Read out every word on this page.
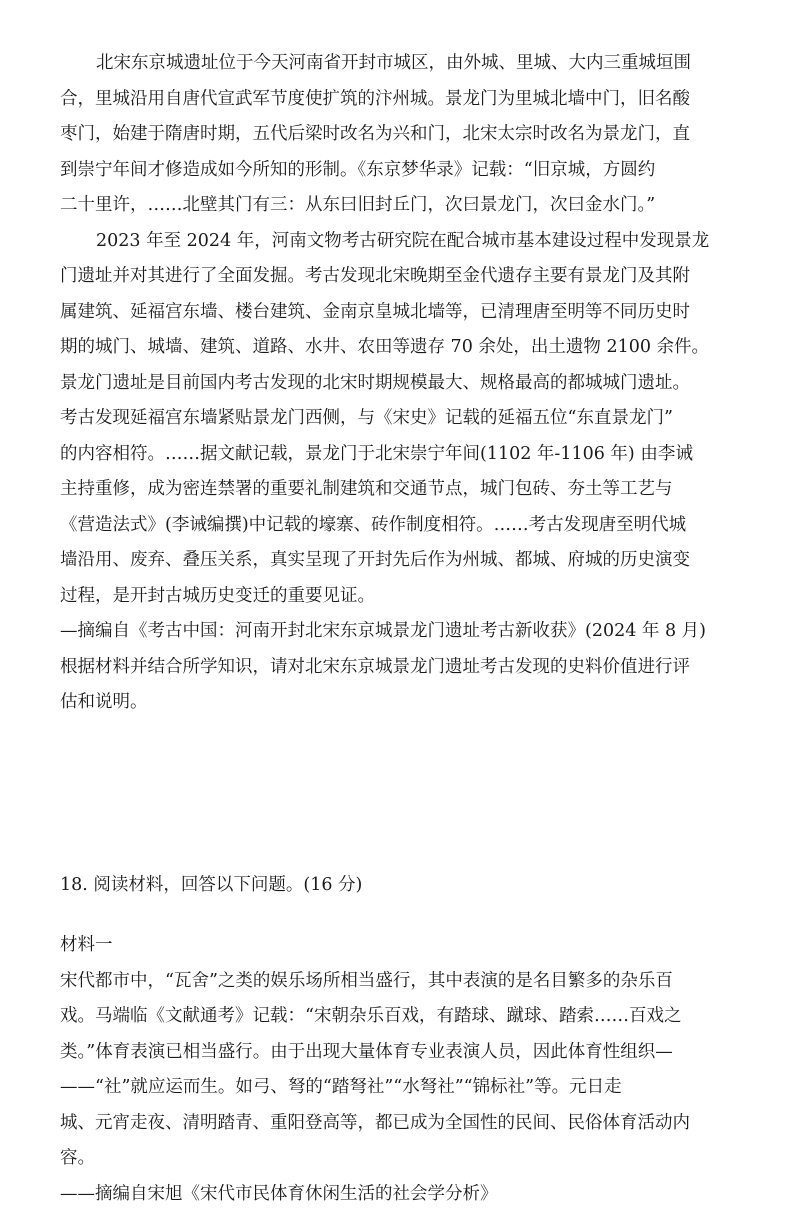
北宋东京城遗址位于今天河南省开封市城区，由外城、里城、大内三重城垣围
合，里城沿用自唐代宣武军节度使扩筑的汴州城。景龙门为里城北墙中门，旧名酸
枣门，始建于隋唐时期，五代后梁时改名为兴和门，北宋太宗时改名为景龙门，直
到崇宁年间才修造成如今所知的形制。《东京梦华录》记载：“旧京城，方圆约
二十里许，……北壁其门有三：从东曰旧封丘门，次曰景龙门，次曰金水门。”

2023 年至 2024 年，河南文物考古研究院在配合城市基本建设过程中发现景龙
门遗址并对其进行了全面发掘。考古发现北宋晚期至金代遗存主要有景龙门及其附
属建筑、延福宫东墙、楼台建筑、金南京皇城北墙等，已清理唐至明等不同历史时
期的城门、城墙、建筑、道路、水井、农田等遗存 70 余处，出土遗物 2100 余件。
景龙门遗址是目前国内考古发现的北宋时期规模最大、规格最高的都城城门遗址。
考古发现延福宫东墙紧贴景龙门西侧，与《宋史》记载的延福五位“东直景龙门”
的内容相符。……据文献记载，景龙门于北宋崇宁年间(1102 年-1106 年) 由李诫
主持重修，成为密连禁署的重要礼制建筑和交通节点，城门包砖、夯土等工艺与
《营造法式》(李诫编撰)中记载的壕寨、砖作制度相符。……考古发现唐至明代城
墙沿用、废弃、叠压关系，真实呈现了开封先后作为州城、都城、府城的历史演变
过程，是开封古城历史变迁的重要见证。

—摘编自《考古中国：河南开封北宋东京城景龙门遗址考古新收获》(2024 年 8 月)

根据材料并结合所学知识，请对北宋东京城景龙门遗址考古发现的史料价值进行评
估和说明。

18. 阅读材料，回答以下问题。(16 分)

材料一

宋代都市中，“瓦舍”之类的娱乐场所相当盛行，其中表演的是名目繁多的杂乐百
戏。马端临《文献通考》记载：“宋朝杂乐百戏，有踏球、蹴球、踏索……百戏之
类。”体育表演已相当盛行。由于出现大量体育专业表演人员，因此体育性组织—
——“社”就应运而生。如弓、弩的“踏弩社”“水弩社”“锦标社”等。元日走
城、元宵走夜、清明踏青、重阳登高等，都已成为全国性的民间、民俗体育活动内
容。

——摘编自宋旭《宋代市民体育休闲生活的社会学分析》
